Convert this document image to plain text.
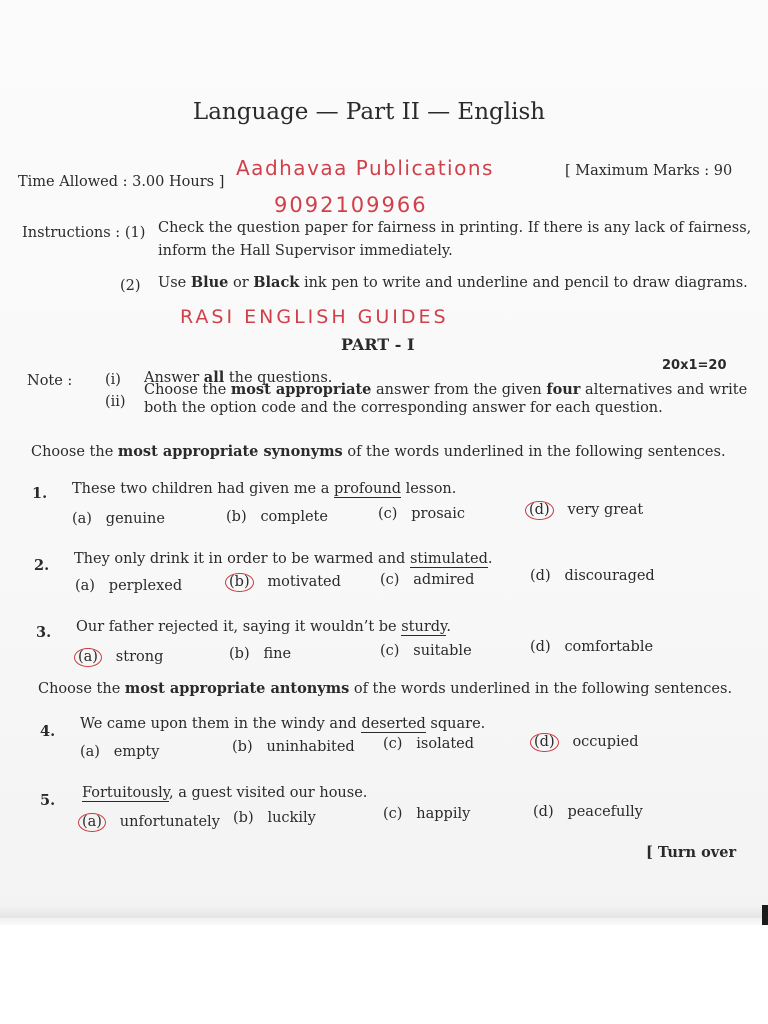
Language — Part II — English
Time Allowed : 3.00 Hours ]
Aadhavaa Publications
9092109966
[ Maximum Marks : 90
Instructions : (1) Check the question paper for fairness in printing. If there is any lack of fairness,
inform the Hall Supervisor immediately.
(2) Use Blue or Black ink pen to write and underline and pencil to draw diagrams.
RASI ENGLISH GUIDES
PART - I
20x1=20
Note : (i) Answer all the questions.
(ii)
Choose the most appropriate answer from the given four alternatives and write
both the option code and the corresponding answer for each question.
Choose the most appropriate synonyms of the words underlined in the following sentences.
1. These two children had given me a profound lesson.
(a) genuine	(b) complete	(c) prosaic	(d) very great
2. They only drink it in order to be warmed and stimulated.
(a) perplexed	(b) motivated	(c) admired	(d) discouraged
3. Our father rejected it, saying it wouldn’t be sturdy.
(a) strong	(b) fine	(c) suitable	(d) comfortable
Choose the most appropriate antonyms of the words underlined in the following sentences.
4. We came upon them in the windy and deserted square.
(a) empty	(b) uninhabited (c) isolated	(d) occupied
5. Fortuitously, a guest visited our house.
(a) unfortunately (b) luckily	(c) happily	(d) peacefully
[ Turn over
